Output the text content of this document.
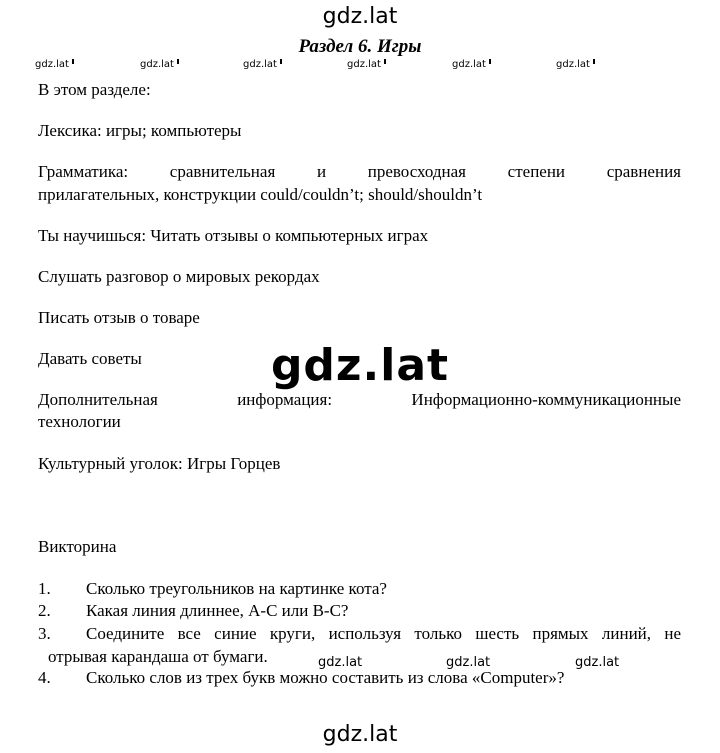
gdz.lat
Раздел 6. Игры
gdz.lat	gdz.lat	gdz.lat	gdz.lat	gdz.lat	gdz.lat
В этом разделе:
Лексика: игры; компьютеры
Грамматика: сравнительная и превосходная степени сравнения
прилагательных, конструкции could/couldn’t; should/shouldn’t
Ты научишься: Читать отзывы о компьютерных играх
Слушать разговор о мировых рекордах
Писать отзыв о товаре
Давать советы	gdz.lat
Дополнительная информация: Информационно-коммуникационные
технологии
Культурный уголок: Игры Горцев
Викторина
1. Сколько треугольников на картинке кота?
2. Какая линия длиннее, A-C или B-C?
3. Соедините все синие круги, используя только шесть прямых линий, не
отрывая карандаша от бумаги.	gdz.lat	gdz.lat	gdz.lat
4. Сколько слов из трех букв можно составить из слова «Computer»?
gdz.lat
